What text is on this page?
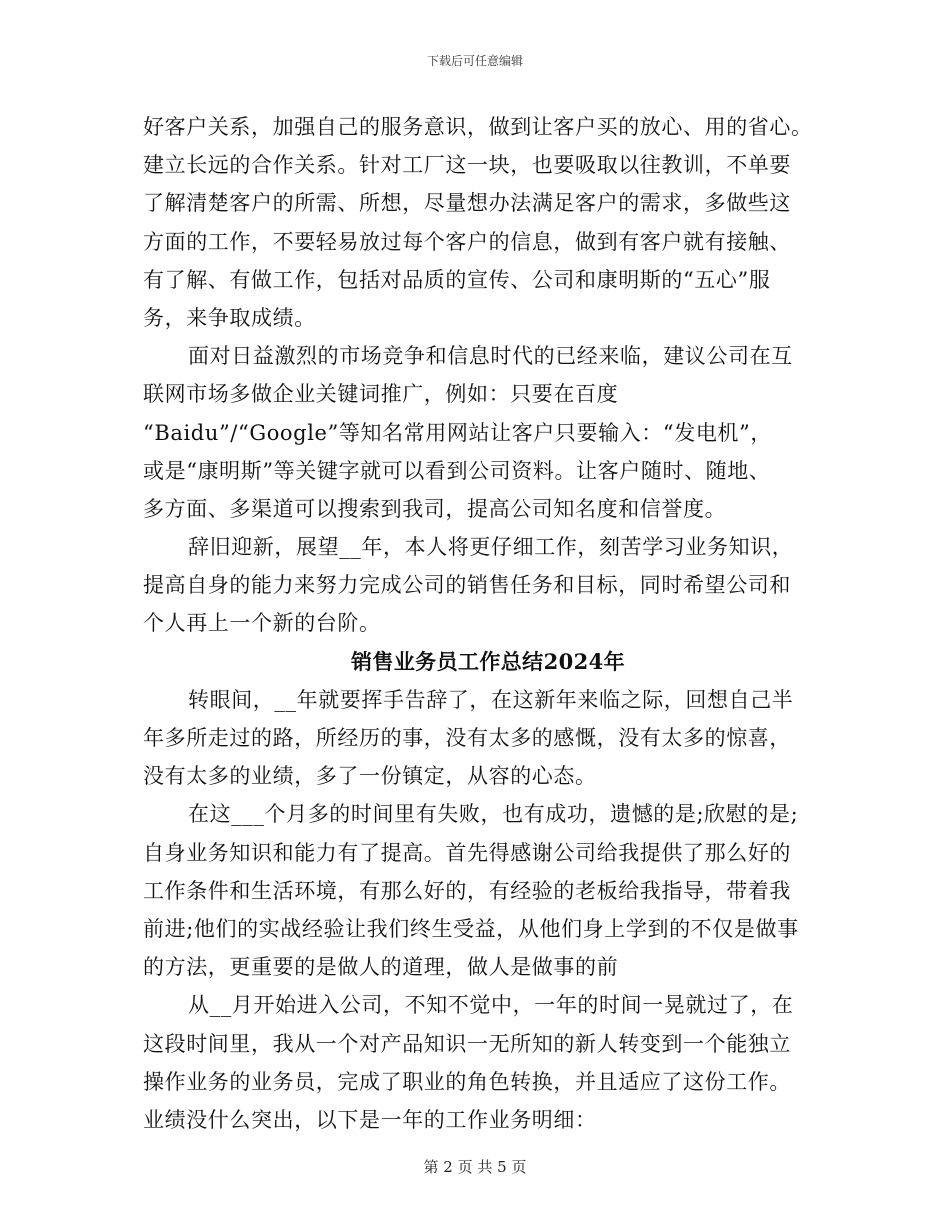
下载后可任意编辑
好客户关系，加强自己的服务意识，做到让客户买的放心、用的省心。
建立长远的合作关系。针对工厂这一块，也要吸取以往教训，不单要
了解清楚客户的所需、所想，尽量想办法满足客户的需求，多做些这
方面的工作，不要轻易放过每个客户的信息，做到有客户就有接触、
有了解、有做工作，包括对品质的宣传、公司和康明斯的“五心”服
务，来争取成绩。
面对日益激烈的市场竞争和信息时代的已经来临，建议公司在互
联网市场多做企业关键词推广，例如：只要在百度
“Baidu”/“Google”等知名常用网站让客户只要输入：“发电机”，
或是“康明斯”等关键字就可以看到公司资料。让客户随时、随地、
多方面、多渠道可以搜索到我司，提高公司知名度和信誉度。
辞旧迎新，展望__年，本人将更仔细工作，刻苦学习业务知识，
提高自身的能力来努力完成公司的销售任务和目标，同时希望公司和
个人再上一个新的台阶。
销售业务员工作总结2024年
转眼间，__年就要挥手告辞了，在这新年来临之际，回想自己半
年多所走过的路，所经历的事，没有太多的感慨，没有太多的惊喜，
没有太多的业绩，多了一份镇定，从容的心态。
在这___个月多的时间里有失败，也有成功，遗憾的是;欣慰的是;
自身业务知识和能力有了提高。首先得感谢公司给我提供了那么好的
工作条件和生活环境，有那么好的，有经验的老板给我指导，带着我
前进;他们的实战经验让我们终生受益，从他们身上学到的不仅是做事
的方法，更重要的是做人的道理，做人是做事的前
从__月开始进入公司，不知不觉中，一年的时间一晃就过了，在
这段时间里，我从一个对产品知识一无所知的新人转变到一个能独立
操作业务的业务员，完成了职业的角色转换，并且适应了这份工作。
业绩没什么突出，以下是一年的工作业务明细：
第 2 页 共 5 页
